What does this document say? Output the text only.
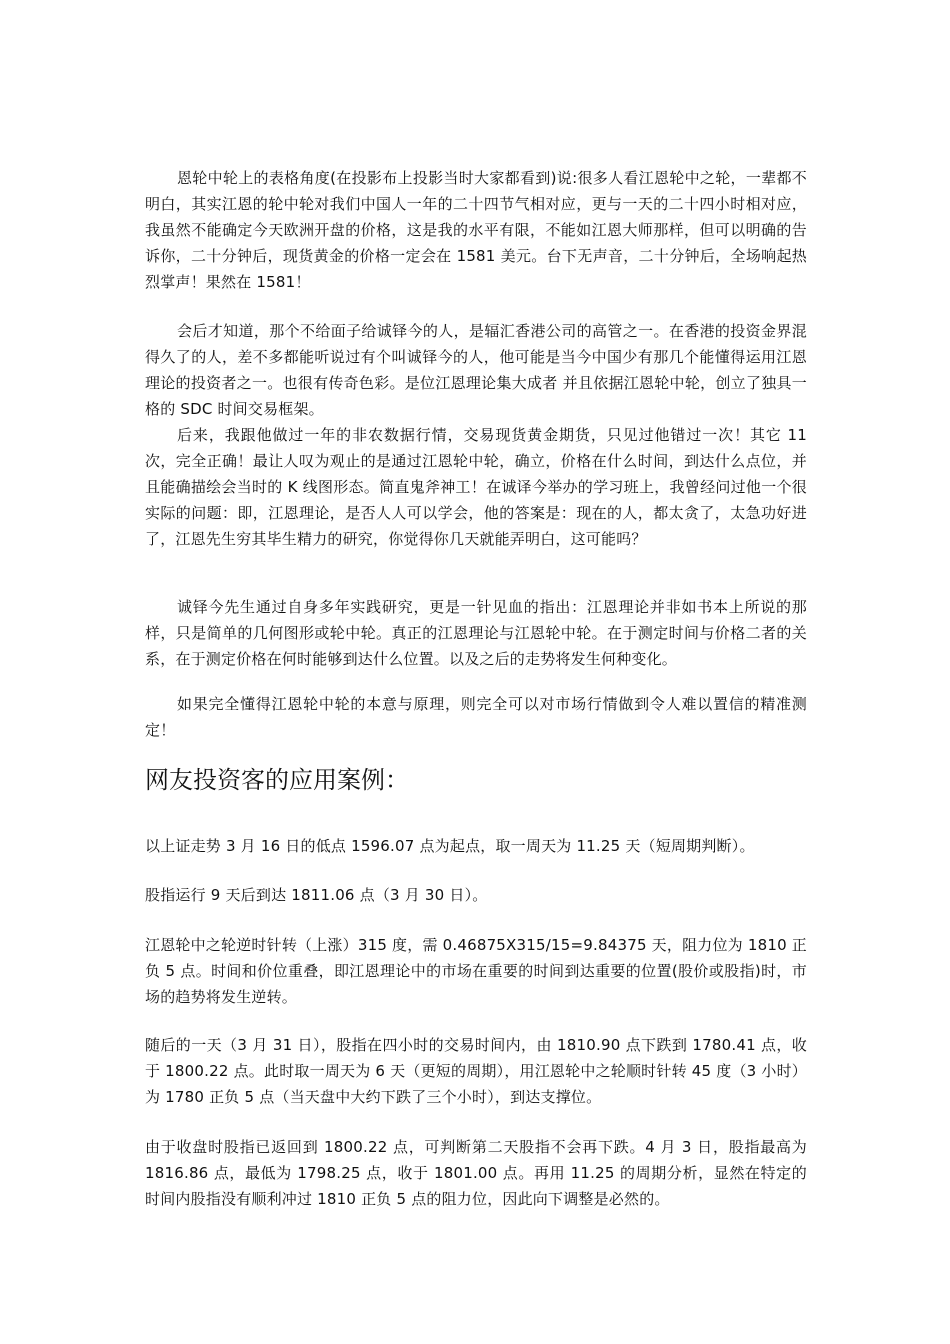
恩轮中轮上的表格角度(在投影布上投影当时大家都看到)说:很多人看江恩轮中之轮，一辈都不明白，其实江恩的轮中轮对我们中国人一年的二十四节气相对应，更与一天的二十四小时相对应，我虽然不能确定今天欧洲开盘的价格，这是我的水平有限，不能如江恩大师那样，但可以明确的告诉你，二十分钟后，现货黄金的价格一定会在 1581 美元。台下无声音，二十分钟后，全场响起热烈掌声！果然在 1581！

会后才知道，那个不给面子给诚铎今的人，是辐汇香港公司的高管之一。在香港的投资金界混得久了的人，差不多都能听说过有个叫诚铎今的人，他可能是当今中国少有那几个能懂得运用江恩理论的投资者之一。也很有传奇色彩。是位江恩理论集大成者 并且依据江恩轮中轮，创立了独具一格的 SDC 时间交易框架。

后来，我跟他做过一年的非农数据行情，交易现货黄金期货，只见过他错过一次！其它 11 次，完全正确！最让人叹为观止的是通过江恩轮中轮，确立，价格在什么时间，到达什么点位，并且能确描绘会当时的 K 线图形态。简直鬼斧神工！在诚译今举办的学习班上，我曾经问过他一个很实际的问题：即，江恩理论，是否人人可以学会，他的答案是：现在的人，都太贪了，太急功好进了，江恩先生穷其毕生精力的研究，你觉得你几天就能弄明白，这可能吗？

诚铎今先生通过自身多年实践研究，更是一针见血的指出：江恩理论并非如书本上所说的那样，只是简单的几何图形或轮中轮。真正的江恩理论与江恩轮中轮。在于测定时间与价格二者的关系，在于测定价格在何时能够到达什么位置。以及之后的走势将发生何种变化。

如果完全懂得江恩轮中轮的本意与原理，则完全可以对市场行情做到令人难以置信的精准测定！

网友投资客的应用案例：

以上证走势 3 月 16 日的低点 1596.07 点为起点，取一周天为 11.25 天（短周期判断）。

股指运行 9 天后到达 1811.06 点（3 月 30 日）。

江恩轮中之轮逆时针转（上涨）315 度，需 0.46875X315/15=9.84375 天，阻力位为 1810 正负 5 点。时间和价位重叠，即江恩理论中的市场在重要的时间到达重要的位置(股价或股指)时，市场的趋势将发生逆转。

随后的一天（3 月 31 日），股指在四小时的交易时间内，由 1810.90 点下跌到 1780.41 点，收于 1800.22 点。此时取一周天为 6 天（更短的周期），用江恩轮中之轮顺时针转 45 度（3 小时）为 1780 正负 5 点（当天盘中大约下跌了三个小时），到达支撑位。

由于收盘时股指已返回到 1800.22 点，可判断第二天股指不会再下跌。4 月 3 日，股指最高为 1816.86 点，最低为 1798.25 点，收于 1801.00 点。再用 11.25 的周期分析，显然在特定的时间内股指没有顺利冲过 1810 正负 5 点的阻力位，因此向下调整是必然的。
